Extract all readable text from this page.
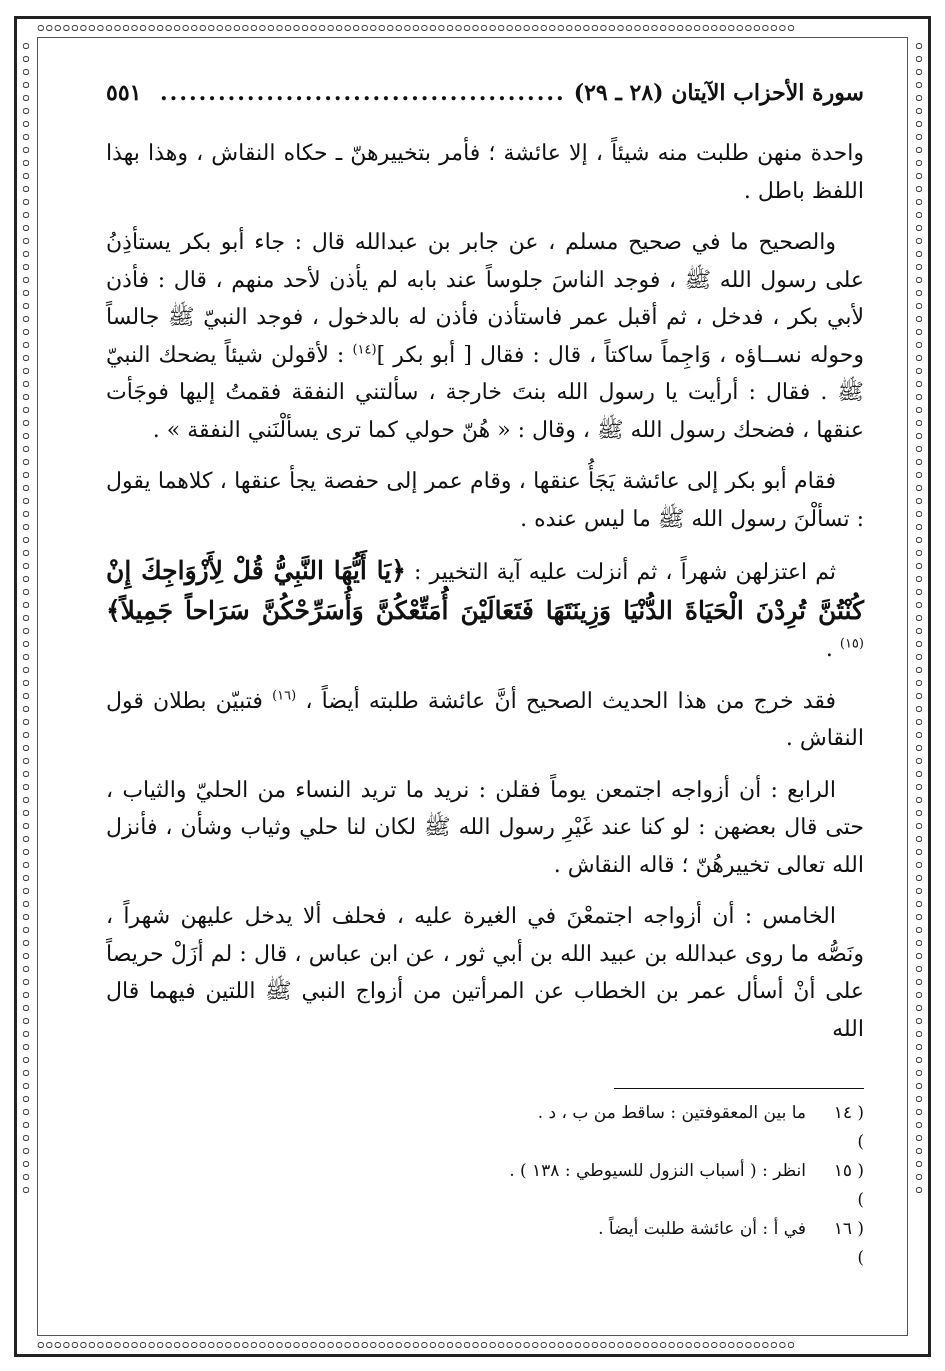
ᴑᴑᴑᴑᴑᴑᴑᴑᴑᴑᴑᴑᴑᴑᴑᴑᴑᴑᴑᴑᴑᴑᴑᴑᴑᴑᴑᴑᴑᴑᴑᴑᴑᴑᴑᴑᴑᴑᴑᴑᴑᴑᴑᴑᴑᴑᴑᴑᴑᴑᴑᴑᴑᴑᴑᴑᴑᴑᴑᴑᴑᴑᴑᴑᴑᴑᴑᴑᴑᴑᴑᴑᴑᴑᴑᴑᴑᴑᴑᴑᴑᴑᴑᴑᴑᴑᴑᴑᴑ
ᴑᴑᴑᴑᴑᴑᴑᴑᴑᴑᴑᴑᴑᴑᴑᴑᴑᴑᴑᴑᴑᴑᴑᴑᴑᴑᴑᴑᴑᴑᴑᴑᴑᴑᴑᴑᴑᴑᴑᴑᴑᴑᴑᴑᴑᴑᴑᴑᴑᴑᴑᴑᴑᴑᴑᴑᴑᴑᴑᴑᴑᴑᴑᴑᴑᴑᴑᴑᴑᴑᴑᴑᴑᴑᴑᴑᴑᴑᴑᴑᴑᴑᴑᴑᴑᴑᴑᴑᴑ
ᴑᴑᴑᴑᴑᴑᴑᴑᴑᴑᴑᴑᴑᴑᴑᴑᴑᴑᴑᴑᴑᴑᴑᴑᴑᴑᴑᴑᴑᴑᴑᴑᴑᴑᴑᴑᴑᴑᴑᴑᴑᴑᴑᴑᴑᴑᴑᴑᴑᴑᴑᴑᴑᴑᴑᴑᴑᴑᴑᴑᴑᴑᴑᴑᴑᴑᴑᴑᴑᴑᴑᴑᴑᴑᴑᴑᴑᴑᴑᴑᴑᴑᴑᴑᴑᴑᴑᴑᴑ
ᴑᴑᴑᴑᴑᴑᴑᴑᴑᴑᴑᴑᴑᴑᴑᴑᴑᴑᴑᴑᴑᴑᴑᴑᴑᴑᴑᴑᴑᴑᴑᴑᴑᴑᴑᴑᴑᴑᴑᴑᴑᴑᴑᴑᴑᴑᴑᴑᴑᴑᴑᴑᴑᴑᴑᴑᴑᴑᴑᴑᴑᴑᴑᴑᴑᴑᴑᴑᴑᴑᴑᴑᴑᴑᴑᴑᴑᴑᴑᴑᴑᴑᴑᴑᴑᴑᴑᴑᴑ
سورة الأحزاب الآيتان (٢٨ ـ ٢٩)
..........................................
٥٥١

واحدة منهن طلبت منه شيئاً ، إلا عائشة ؛ فأمر بتخييرهنّ ـ حكاه النقاش ، وهذا بهذا اللفظ باطل .

والصحيح ما في صحيح مسلم ، عن جابر بن عبدالله قال : جاء أبو بكر يستأذِنُ على رسول الله ﷺ ، فوجد الناسَ جلوساً عند بابه لم يأذن لأحد منهم ، قال : فأذن لأبي بكر ، فدخل ، ثم أقبل عمر فاستأذن فأذن له بالدخول ، فوجد النبيّ ﷺ جالساً وحوله نســاؤه ، وَاجِماً ساكتاً ، قال : فقال [ أبو بكر ]$^{(١٤)}$ : لأقولن شيئاً يضحك النبيّ ﷺ . فقال : أرأيت يا رسول الله بنتَ خارجة ، سألتني النفقة فقمتُ إليها فوجَأت عنقها ، فضحك رسول الله ﷺ ، وقال : « هُنّ حولي كما ترى يسألْنَني النفقة » .

فقام أبو بكر إلى عائشة يَجَأُ عنقها ، وقام عمر إلى حفصة يجأ عنقها ، كلاهما يقول : تسألْنَ رسول الله ﷺ ما ليس عنده .

ثم اعتزلهن شهراً ، ثم أنزلت عليه آية التخيير : ﴿يَا أَيُّهَا النَّبِيُّ قُلْ لِأَزْوَاجِكَ إِنْ كُنْتُنَّ تُرِدْنَ الْحَيَاةَ الدُّنْيَا وَزِينَتَهَا فَتَعَالَيْنَ أُمَتِّعْكُنَّ وَأُسَرِّحْكُنَّ سَرَاحاً جَمِيلاً﴾ $^{(١٥)}$ .

فقد خرج من هذا الحديث الصحيح أنَّ عائشة طلبته أيضاً ، $^{(١٦)}$ فتبيّن بطلان قول النقاش .

الرابع : أن أزواجه اجتمعن يوماً فقلن : نريد ما تريد النساء من الحليّ والثياب ، حتى قال بعضهن : لو كنا عند غَيْرِ رسول الله ﷺ لكان لنا حلي وثياب وشأن ، فأنزل الله تعالى تخييرهُنّ ؛ قاله النقاش .

الخامس : أن أزواجه اجتمعْنَ في الغيرة عليه ، فحلف ألا يدخل عليهن شهراً ، ونَصُّه ما روى عبدالله بن عبيد الله بن أبي ثور ، عن ابن عباس ، قال : لم أزَلْ حريصاً على أنْ أسأل عمر بن الخطاب عن المرأتين من أزواج النبي ﷺ اللتين فيهما قال الله

( ١٤ )
ما بين المعقوفتين : ساقط من ب ، د .
( ١٥ )
انظر : ( أسباب النزول للسيوطي : ١٣٨ ) .
( ١٦ )
في أ : أن عائشة طلبت أيضاً .
